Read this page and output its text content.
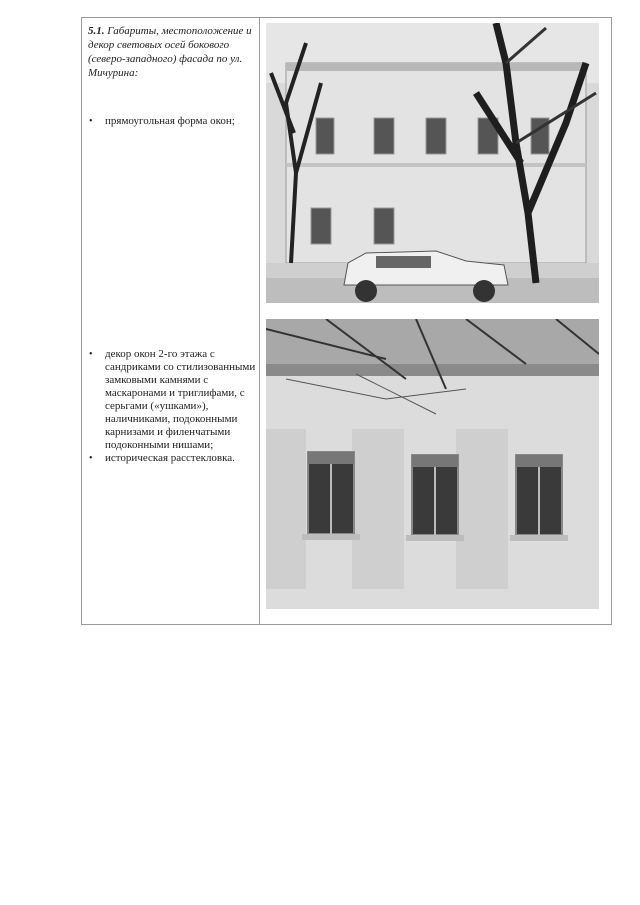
5.1. Габариты, местоположение и декор световых осей бокового (северо-западного) фасада по ул. Мичурина:
• прямоугольная форма окон;
• декор окон 2-го этажа с сандриками со стилизованными замковыми камнями с маскаронами и триглифами, с серьгами («ушками»), наличниками, подоконными карнизами и филенчатыми подоконными нишами;
• историческая расстекловка.
